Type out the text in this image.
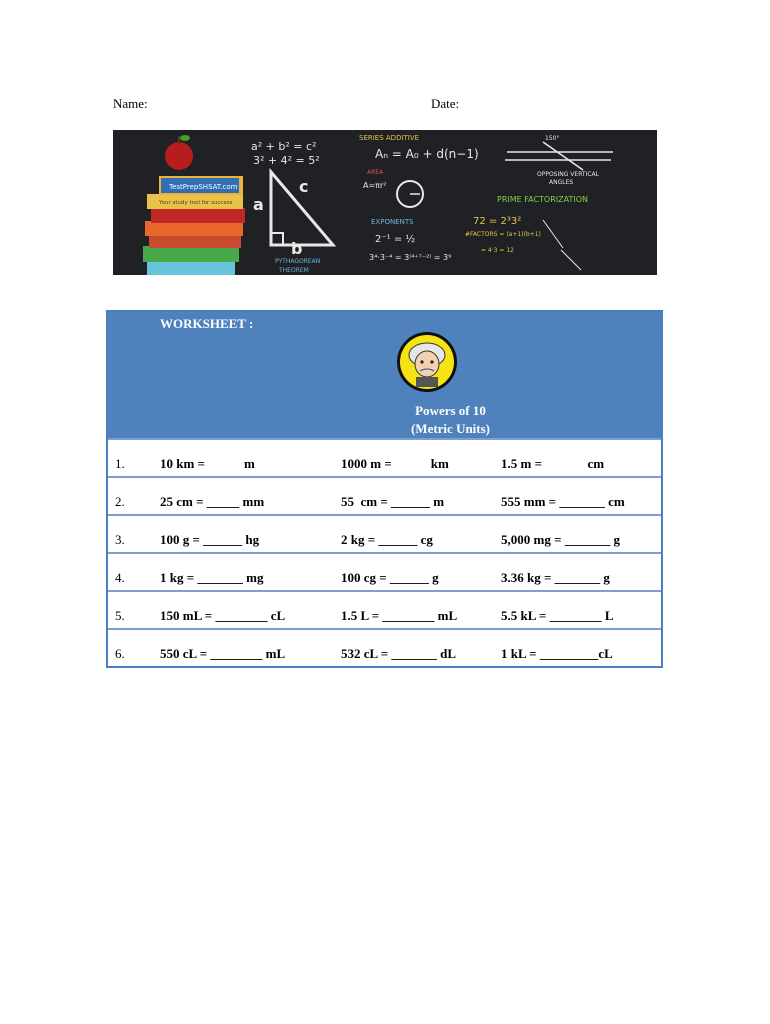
Name:	Date:
TestPrepSHSAT.com
Your study tool for success
a² + b² = c²
3² + 4² = 5²
a
b
c
PYTHAGOREAN
THEOREM
SERIES ADDITIVE
Aₙ = A₀ + d(n−1)
AREA
A=πr²
EXPONENTS
2⁻¹ = ½
3⁴·3⁻⁴ = 3⁽⁴⁺⁷⁻²⁾ = 3⁹
150°
OPPOSING VERTICAL
ANGLES
PRIME FACTORIZATION
72 = 2³3²
#FACTORS = (a+1)(b+1)
= 4·3 = 12
WORKSHEET :
Powers of 10
(Metric Units)
1.	10 km =            m	1000 m =            km	1.5 m =              cm
2.	25 cm = _____ mm	55  cm = ______ m	555 mm = _______ cm
3.	100 g = ______ hg	2 kg = ______ cg	5,000 mg = _______ g
4.	1 kg = _______ mg	100 cg = ______ g	3.36 kg = _______ g
5.	150 mL = ________ cL	1.5 L = ________ mL	5.5 kL = ________ L
6.	550 cL = ________ mL	532 cL = _______ dL	1 kL = _________cL
